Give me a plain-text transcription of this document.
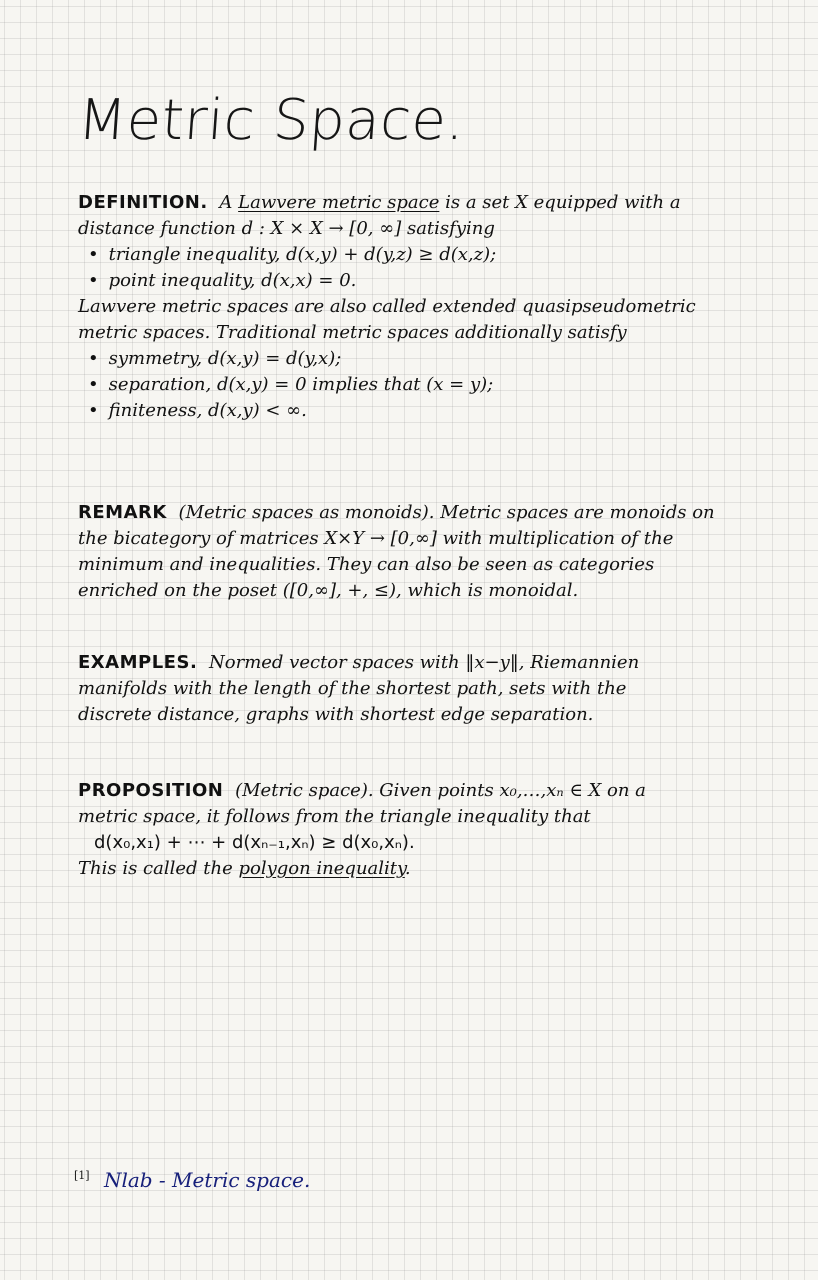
Metric Space.
DEFINITION. A Lawvere metric space is a set X equipped with a
distance function d : X × X → [0, ∞] satisfying
• triangle inequality, d(x,y) + d(y,z) ≥ d(x,z);
• point inequality, d(x,x) = 0.
Lawvere metric spaces are also called extended quasipseudometric
metric spaces. Traditional metric spaces additionally satisfy
• symmetry, d(x,y) = d(y,x);
• separation, d(x,y) = 0 implies that (x = y);
• finiteness, d(x,y) < ∞.
REMARK (Metric spaces as monoids). Metric spaces are monoids on
the bicategory of matrices X×Y → [0,∞] with multiplication of the
minimum and inequalities. They can also be seen as categories
enriched on the poset ([0,∞], +, ≤), which is monoidal.
EXAMPLES. Normed vector spaces with ‖x−y‖, Riemannien
manifolds with the length of the shortest path, sets with the
discrete distance, graphs with shortest edge separation.
PROPOSITION (Metric space). Given points x₀,…,xₙ ∈ X on a
metric space, it follows from the triangle inequality that
d(x₀,x₁) + ⋯ + d(xₙ₋₁,xₙ) ≥ d(x₀,xₙ).
This is called the polygon inequality.
[1] Nlab - Metric space.
